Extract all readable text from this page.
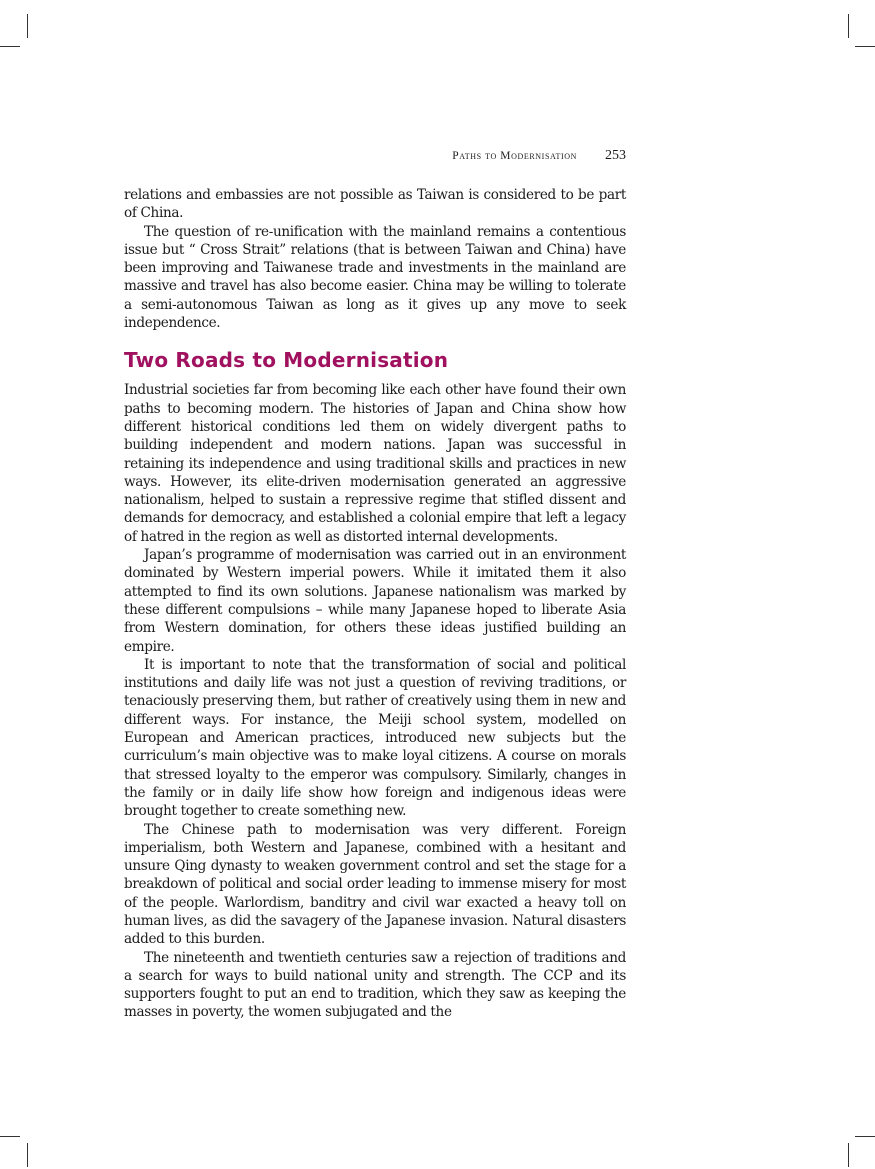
Paths to Modernisation 253

relations and embassies are not possible as Taiwan is considered to be part of China.

The question of re-unification with the mainland remains a contentious issue but “ Cross Strait” relations (that is between Taiwan and China) have been improving and Taiwanese trade and investments in the mainland are massive and travel has also become easier. China may be willing to tolerate a semi-autonomous Taiwan as long as it gives up any move to seek independence.

Two Roads to Modernisation

Industrial societies far from becoming like each other have found their own paths to becoming modern. The histories of Japan and China show how different historical conditions led them on widely divergent paths to building independent and modern nations. Japan was successful in retaining its independence and using traditional skills and practices in new ways. However, its elite-driven modernisation generated an aggressive nationalism, helped to sustain a repressive regime that stifled dissent and demands for democracy, and established a colonial empire that left a legacy of hatred in the region as well as distorted internal developments.

Japan’s programme of modernisation was carried out in an environment dominated by Western imperial powers. While it imitated them it also attempted to find its own solutions. Japanese nationalism was marked by these different compulsions – while many Japanese hoped to liberate Asia from Western domination, for others these ideas justified building an empire.

It is important to note that the transformation of social and political institutions and daily life was not just a question of reviving traditions, or tenaciously preserving them, but rather of creatively using them in new and different ways. For instance, the Meiji school system, modelled on European and American practices, introduced new subjects but the curriculum’s main objective was to make loyal citizens. A course on morals that stressed loyalty to the emperor was compulsory. Similarly, changes in the family or in daily life show how foreign and indigenous ideas were brought together to create something new.

The Chinese path to modernisation was very different. Foreign imperialism, both Western and Japanese, combined with a hesitant and unsure Qing dynasty to weaken government control and set the stage for a breakdown of political and social order leading to immense misery for most of the people. Warlordism, banditry and civil war exacted a heavy toll on human lives, as did the savagery of the Japanese invasion. Natural disasters added to this burden.

The nineteenth and twentieth centuries saw a rejection of traditions and a search for ways to build national unity and strength. The CCP and its supporters fought to put an end to tradition, which they saw as keeping the masses in poverty, the women subjugated and the
